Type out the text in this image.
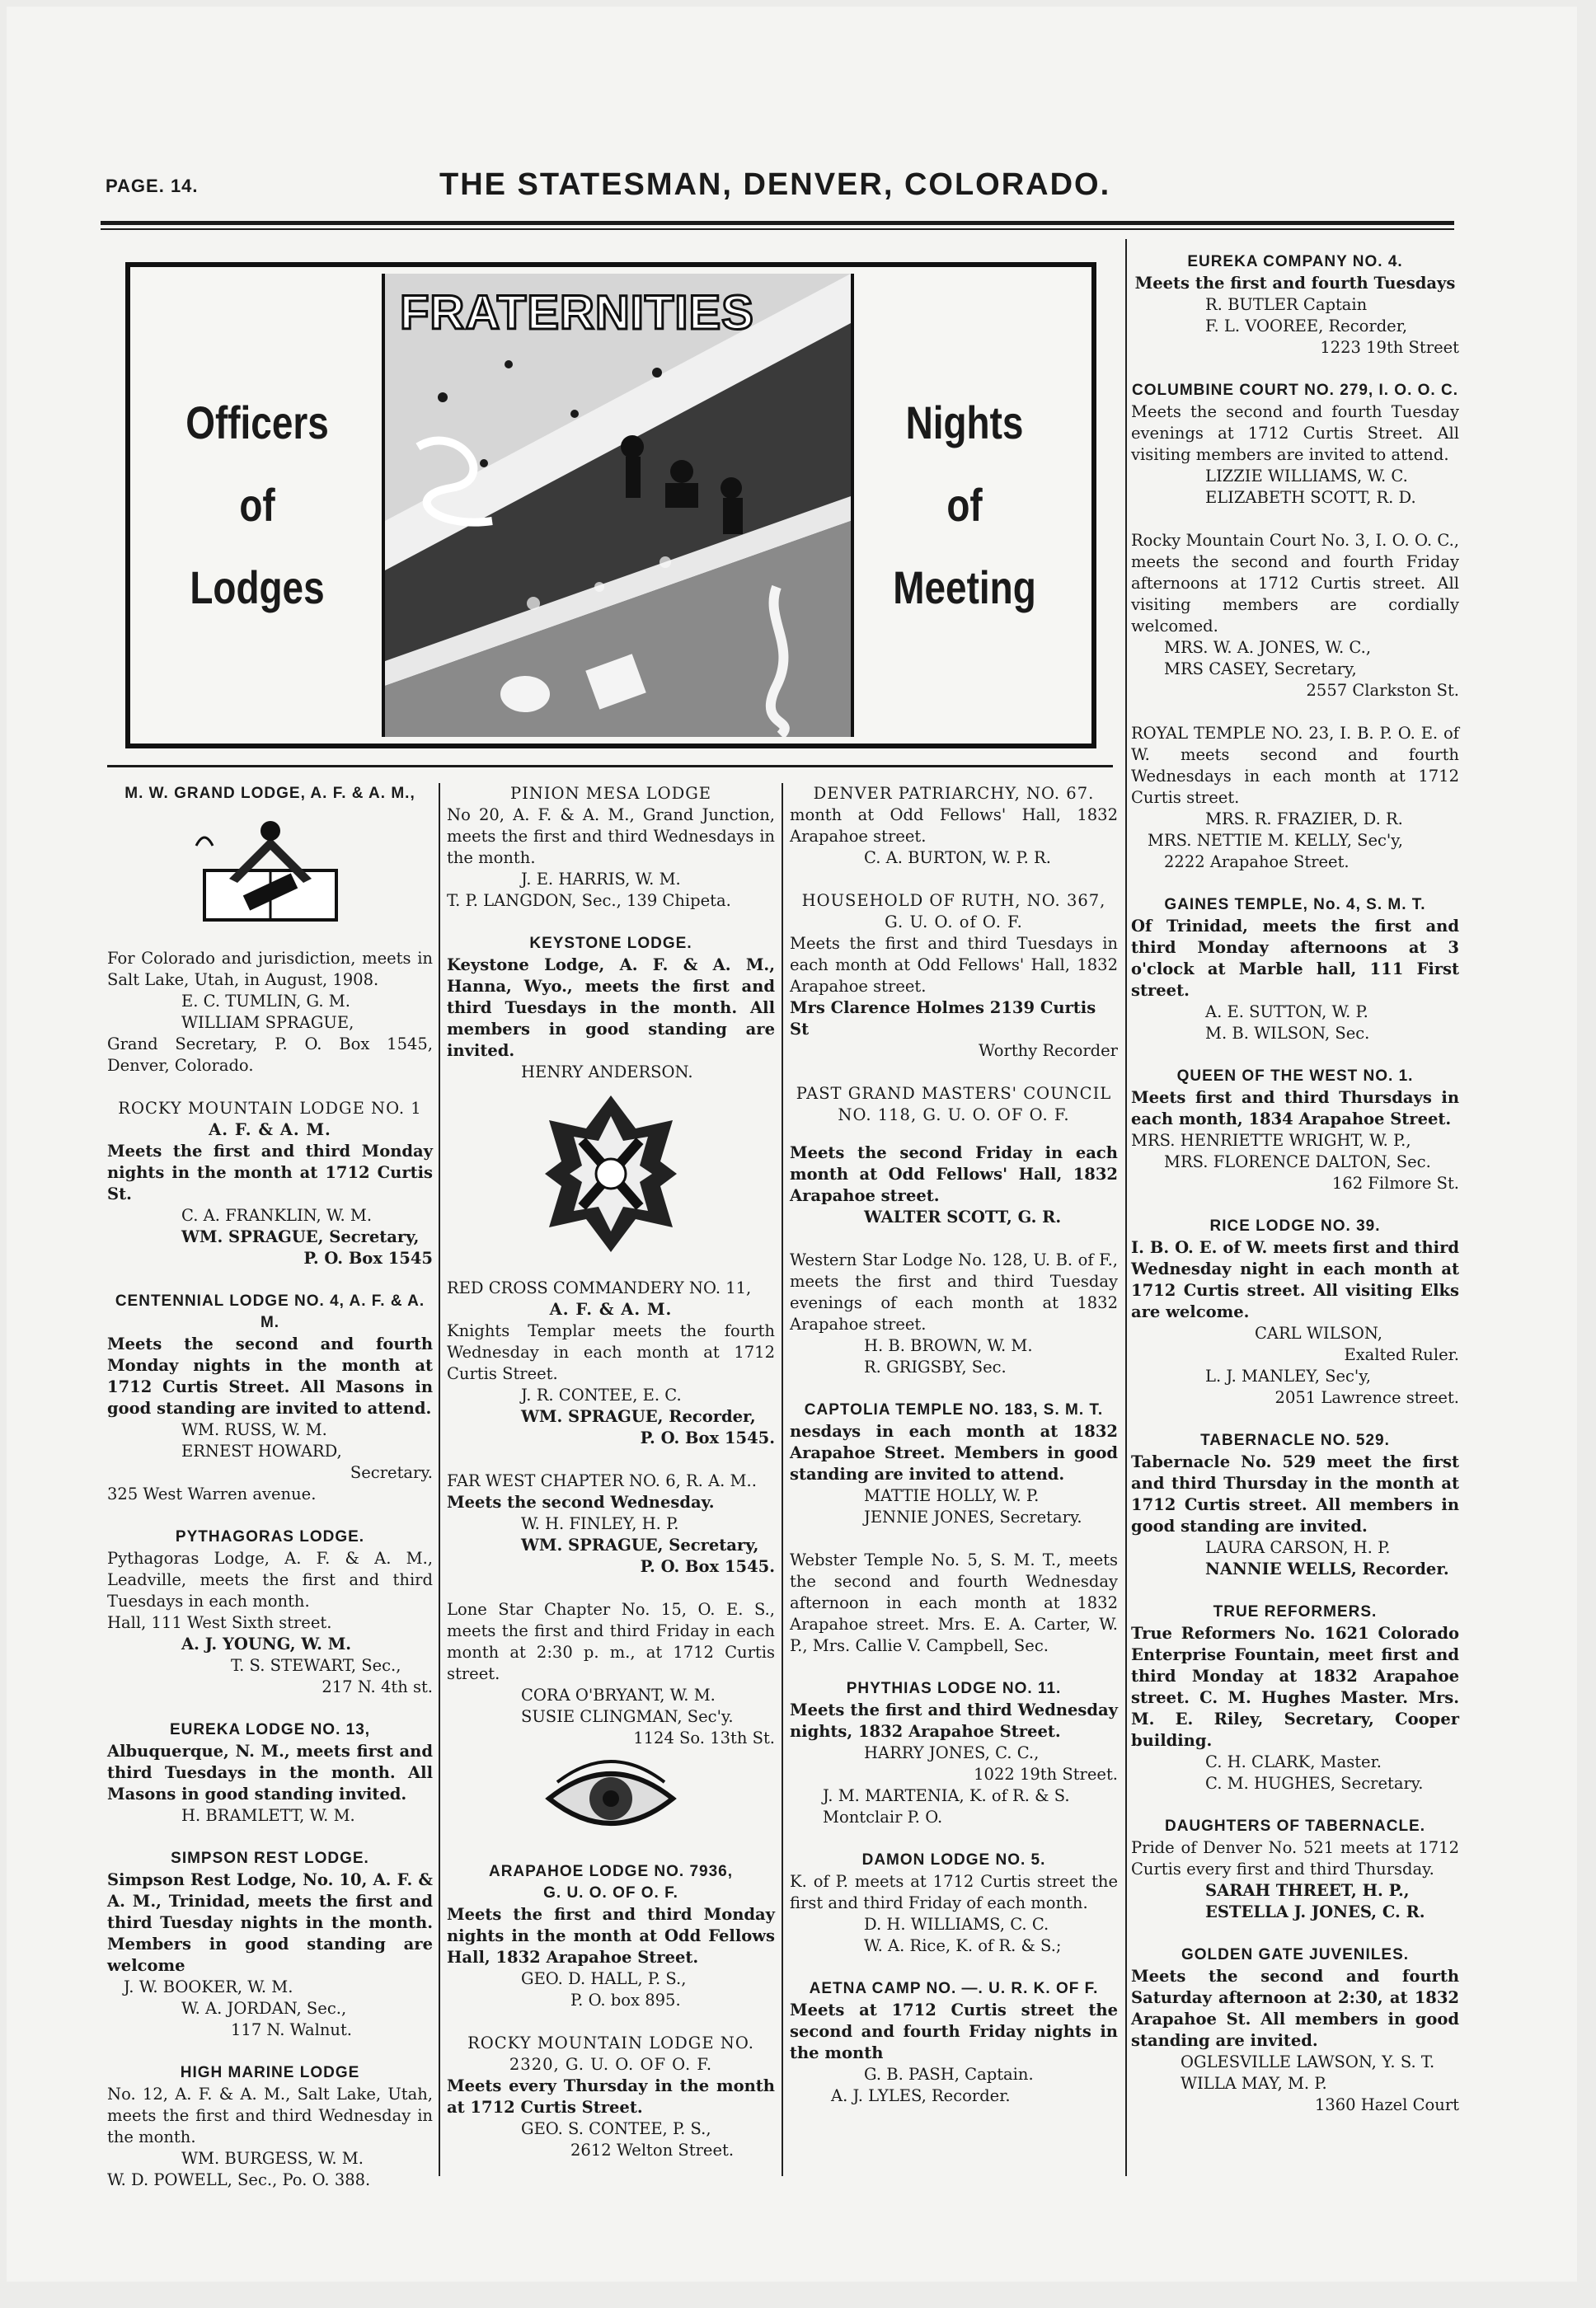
PAGE. 14.	THE STATESMAN, DENVER, COLORADO.
Officers
of
Lodges
FRATERNITIES
Nights
of
Meeting
M. W. GRAND LODGE, A. F. & A. M.,
For Colorado and jurisdiction, meets in Salt Lake, Utah, in August, 1908.
E. C. TUMLIN, G. M.
WILLIAM SPRAGUE,
Grand Secretary, P. O. Box 1545, Denver, Colorado.
ROCKY MOUNTAIN LODGE NO. 1
A. F. & A. M.
Meets the first and third Monday nights in the month at 1712 Curtis St.
C. A. FRANKLIN, W. M.
WM. SPRAGUE, Secretary,
P. O. Box 1545
CENTENNIAL LODGE NO. 4, A. F. & A. M.
Meets the second and fourth Monday nights in the month at 1712 Curtis Street. All Masons in good standing are invited to attend.
WM. RUSS, W. M.
ERNEST HOWARD,
Secretary.
325 West Warren avenue.
PYTHAGORAS LODGE.
Pythagoras Lodge, A. F. & A. M., Leadville, meets the first and third Tuesdays in each month.
Hall, 111 West Sixth street.
A. J. YOUNG, W. M.
T. S. STEWART, Sec.,
217 N. 4th st.
EUREKA LODGE NO. 13,
Albuquerque, N. M., meets first and third Tuesdays in the month. All Masons in good standing invited.
H. BRAMLETT, W. M.
SIMPSON REST LODGE.
Simpson Rest Lodge, No. 10, A. F. & A. M., Trinidad, meets the first and third Tuesday nights in the month. Members in good standing are welcome
J. W. BOOKER, W. M.
W. A. JORDAN, Sec.,
117 N. Walnut.
HIGH MARINE LODGE
No. 12, A. F. & A. M., Salt Lake, Utah, meets the first and third Wednesday in the month.
WM. BURGESS, W. M.
W. D. POWELL, Sec., Po. O. 388.
PINION MESA LODGE
No 20, A. F. & A. M., Grand Junction, meets the first and third Wednesdays in the month.
J. E. HARRIS, W. M.
T. P. LANGDON, Sec., 139 Chipeta.
KEYSTONE LODGE.
Keystone Lodge, A. F. & A. M., Hanna, Wyo., meets the first and third Tuesdays in the month. All members in good standing are invited.
HENRY ANDERSON.
RED CROSS COMMANDERY NO. 11,
A. F. & A. M.
Knights Templar meets the fourth Wednesday in each month at 1712 Curtis Street.
J. R. CONTEE, E. C.
WM. SPRAGUE, Recorder,
P. O. Box 1545.
FAR WEST CHAPTER NO. 6, R. A. M..
Meets the second Wednesday.
W. H. FINLEY, H. P.
WM. SPRAGUE, Secretary,
P. O. Box 1545.
Lone Star Chapter No. 15, O. E. S., meets the first and third Friday in each month at 2:30 p. m., at 1712 Curtis street.
CORA O'BRYANT, W. M.
SUSIE CLINGMAN, Sec'y.
1124 So. 13th St.
ARAPAHOE LODGE NO. 7936,
G. U. O. OF O. F.
Meets the first and third Monday nights in the month at Odd Fellows Hall, 1832 Arapahoe Street.
GEO. D. HALL, P. S.,
P. O. box 895.
ROCKY MOUNTAIN LODGE NO. 2320, G. U. O. OF O. F.
Meets every Thursday in the month at 1712 Curtis Street.
GEO. S. CONTEE, P. S.,
2612 Welton Street.
DENVER PATRIARCHY, NO. 67.
month at Odd Fellows' Hall, 1832 Arapahoe street.
C. A. BURTON, W. P. R.
HOUSEHOLD OF RUTH, NO. 367, G. U. O. of O. F.
Meets the first and third Tuesdays in each month at Odd Fellows' Hall, 1832 Arapahoe street.
Mrs Clarence Holmes 2139 Curtis St
Worthy Recorder
PAST GRAND MASTERS' COUNCIL NO. 118, G. U. O. OF O. F.
Meets the second Friday in each month at Odd Fellows' Hall, 1832 Arapahoe street.
WALTER SCOTT, G. R.
Western Star Lodge No. 128, U. B. of F., meets the first and third Tuesday evenings of each month at 1832 Arapahoe street.
H. B. BROWN, W. M.
R. GRIGSBY, Sec.
CAPTOLIA TEMPLE NO. 183, S. M. T.
nesdays in each month at 1832 Arapahoe Street. Members in good standing are invited to attend.
MATTIE HOLLY, W. P.
JENNIE JONES, Secretary.
Webster Temple No. 5, S. M. T., meets the second and fourth Wednesday afternoon in each month at 1832 Arapahoe street. Mrs. E. A. Carter, W. P., Mrs. Callie V. Campbell, Sec.
PHYTHIAS LODGE NO. 11.
Meets the first and third Wednesday nights, 1832 Arapahoe Street.
HARRY JONES, C. C.,
1022 19th Street.
J. M. MARTENIA, K. of R. & S.
Montclair P. O.
DAMON LODGE NO. 5.
K. of P. meets at 1712 Curtis street the first and third Friday of each month.
D. H. WILLIAMS, C. C.
W. A. Rice, K. of R. & S.;
AETNA CAMP NO. —. U. R. K. OF F.
Meets at 1712 Curtis street the second and fourth Friday nights in the month
G. B. PASH, Captain.
A. J. LYLES, Recorder.
EUREKA COMPANY NO. 4.
Meets the first and fourth Tuesdays
R. BUTLER Captain
F. L. VOOREE, Recorder,
1223 19th Street
COLUMBINE COURT NO. 279, I. O. O. C.
Meets the second and fourth Tuesday evenings at 1712 Curtis Street. All visiting members are invited to attend.
LIZZIE WILLIAMS, W. C.
ELIZABETH SCOTT, R. D.
Rocky Mountain Court No. 3, I. O. O. C., meets the second and fourth Friday afternoons at 1712 Curtis street. All visiting members are cordially welcomed.
MRS. W. A. JONES, W. C.,
MRS CASEY, Secretary,
2557 Clarkston St.
ROYAL TEMPLE NO. 23, I. B. P. O. E. of W. meets second and fourth Wednesdays in each month at 1712 Curtis street.
MRS. R. FRAZIER, D. R.
MRS. NETTIE M. KELLY, Sec'y,
2222 Arapahoe Street.
GAINES TEMPLE, No. 4, S. M. T.
Of Trinidad, meets the first and third Monday afternoons at 3 o'clock at Marble hall, 111 First street.
A. E. SUTTON, W. P.
M. B. WILSON, Sec.
QUEEN OF THE WEST NO. 1.
Meets first and third Thursdays in each month, 1834 Arapahoe Street.
MRS. HENRIETTE WRIGHT, W. P.,
MRS. FLORENCE DALTON, Sec.
162 Filmore St.
RICE LODGE NO. 39.
I. B. O. E. of W. meets first and third Wednesday night in each month at 1712 Curtis street. All visiting Elks are welcome.
CARL WILSON,
Exalted Ruler.
L. J. MANLEY, Sec'y,
2051 Lawrence street.
TABERNACLE NO. 529.
Tabernacle No. 529 meet the first and third Thursday in the month at 1712 Curtis street. All members in good standing are invited.
LAURA CARSON, H. P.
NANNIE WELLS, Recorder.
TRUE REFORMERS.
True Reformers No. 1621 Colorado Enterprise Fountain, meet first and third Monday at 1832 Arapahoe street. C. M. Hughes Master. Mrs. M. E. Riley, Secretary, Cooper building.
C. H. CLARK, Master.
C. M. HUGHES, Secretary.
DAUGHTERS OF TABERNACLE.
Pride of Denver No. 521 meets at 1712 Curtis every first and third Thursday.
SARAH THREET, H. P.,
ESTELLA J. JONES, C. R.
GOLDEN GATE JUVENILES.
Meets the second and fourth Saturday afternoon at 2:30, at 1832 Arapahoe St. All members in good standing are invited.
OGLESVILLE LAWSON, Y. S. T.
WILLA MAY, M. P.
1360 Hazel Court
